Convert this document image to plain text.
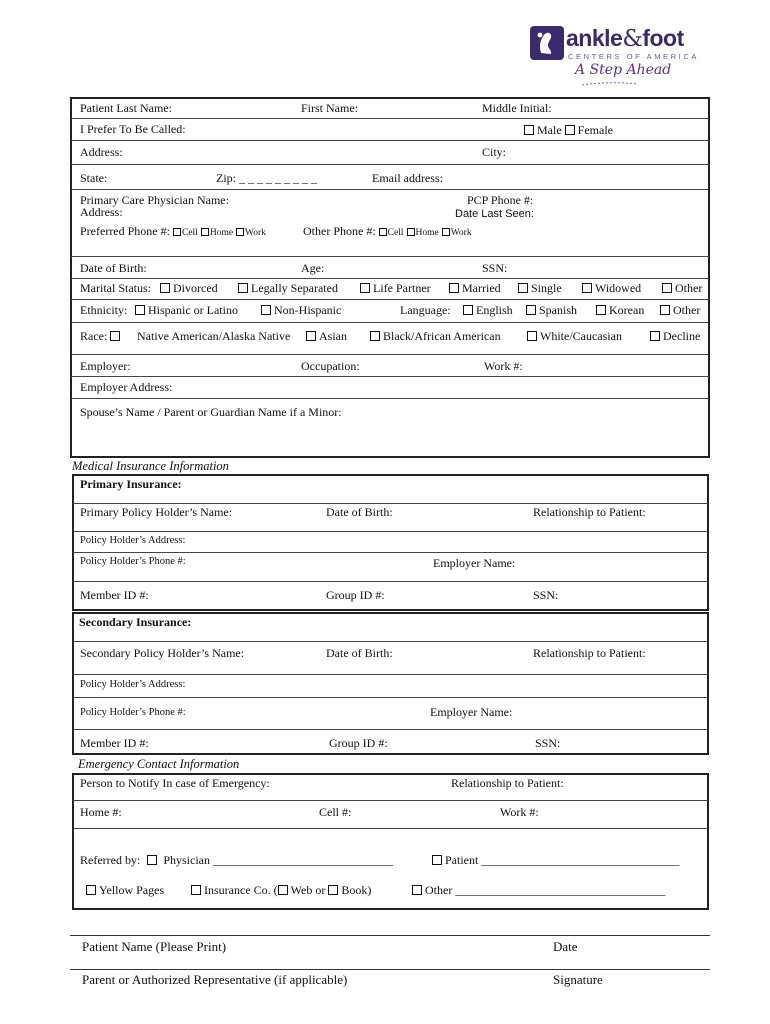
ankle&foot
CENTERS OF AMERICA
A Step Ahead
Patient Last Name:	First Name:	Middle Initial:
I Prefer To Be Called:	Male Female
Address:	City:
State:	Zip: _ _ _ _ _ _ _ _ _	Email address:
Primary Care Physician Name:
Address:
PCP Phone #:
Date Last Seen:
Preferred Phone #: Cell Home Work	Other Phone #: Cell Home Work
Date of Birth:	Age:	SSN:
Marital Status:	Divorced	Legally Separated	Life Partner	Married	Single	Widowed	Other
Ethnicity:	Hispanic or Latino	Non-Hispanic	Language:	English	Spanish	Korean	Other
Race:	Native American/Alaska Native	Asian	Black/African American	White/Caucasian	Decline
Employer:	Occupation:	Work #:
Employer Address:
Spouse’s Name / Parent or Guardian Name if a Minor:
Medical Insurance Information
Primary Insurance:
Primary Policy Holder’s Name:	Date of Birth:	Relationship to Patient:
Policy Holder’s Address:
Policy Holder’s Phone #:	Employer Name:
Member ID #:	Group ID #:	SSN:
Secondary Insurance:
Secondary Policy Holder’s Name:	Date of Birth:	Relationship to Patient:
Policy Holder’s Address:
Policy Holder’s Phone #:	Employer Name:
Member ID #:	Group ID #:	SSN:
Emergency Contact Information
Person to Notify In case of Emergency:	Relationship to Patient:
Home #:	Cell #:	Work #:
Referred by: Physician ______________________________	Patient _________________________________
Yellow Pages	Insurance Co. ( Web or Book)	Other ___________________________________
Patient Name (Please Print)	Date
Parent or Authorized Representative (if applicable)	Signature
